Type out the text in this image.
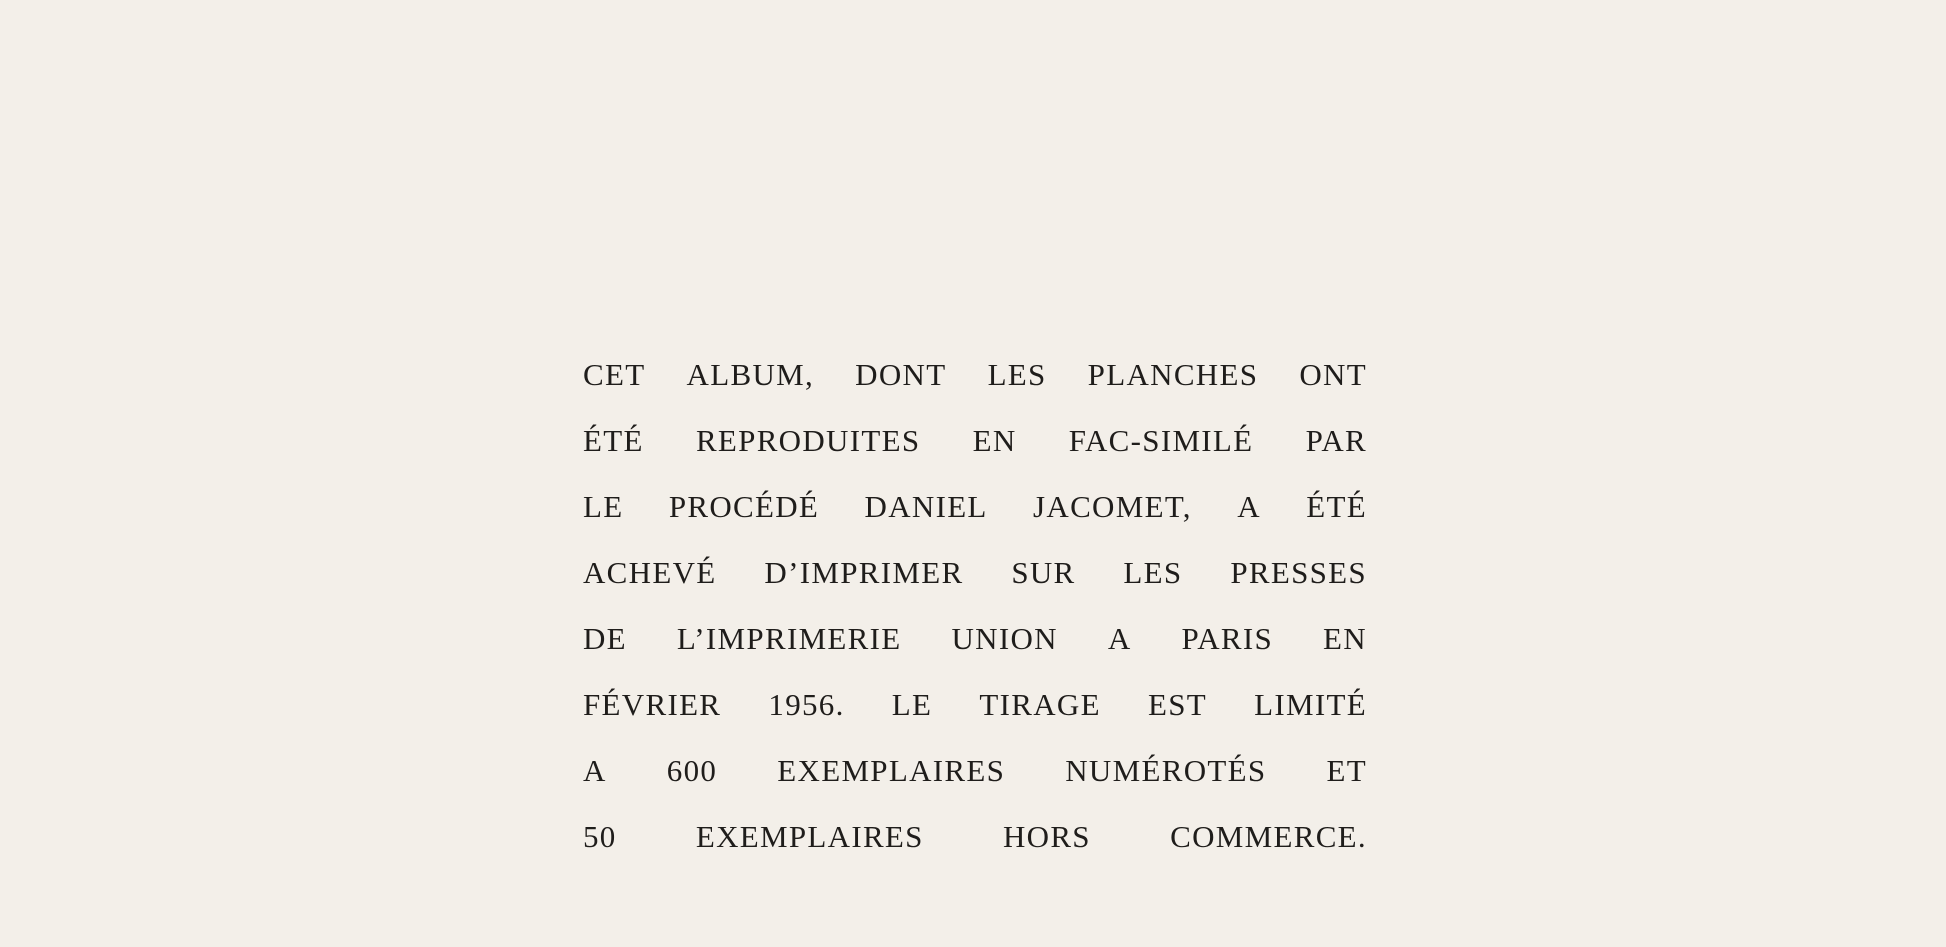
CET ALBUM, DONT LES PLANCHES ONT
ÉTÉ REPRODUITES EN FAC-SIMILÉ PAR
LE PROCÉDÉ DANIEL JACOMET, A ÉTÉ
ACHEVÉ D’IMPRIMER SUR LES PRESSES
DE L’IMPRIMERIE UNION A PARIS EN
FÉVRIER 1956. LE TIRAGE EST LIMITÉ
A 600 EXEMPLAIRES NUMÉROTÉS ET
50	EXEMPLAIRES	HORS	COMMERCE.
